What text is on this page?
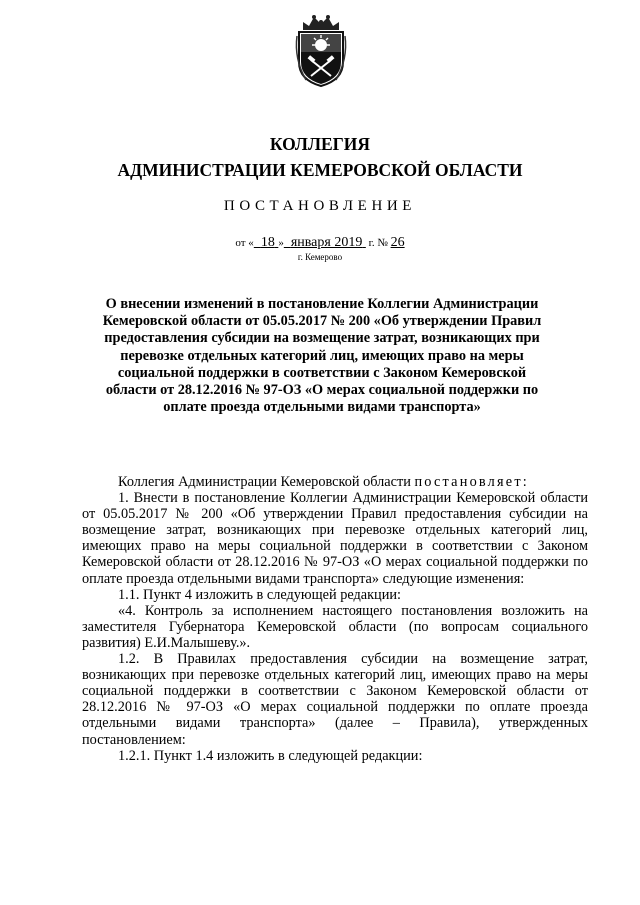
КОЛЛЕГИЯ
АДМИНИСТРАЦИИ КЕМЕРОВСКОЙ ОБЛАСТИ
ПОСТАНОВЛЕНИЕ
от « 18 » января 2019 г. № 26
г. Кемерово
О внесении изменений в постановление Коллегии Администрации Кемеровской области от 05.05.2017 № 200 «Об утверждении Правил предоставления субсидии на возмещение затрат, возникающих при перевозке отдельных категорий лиц, имеющих право на меры социальной поддержки в соответствии с Законом Кемеровской области от 28.12.2016 № 97-ОЗ «О мерах социальной поддержки по оплате проезда отдельными видами транспорта»

Коллегия Администрации Кемеровской области постановляет:

1. Внести в постановление Коллегии Администрации Кемеровской области от 05.05.2017 № 200 «Об утверждении Правил предоставления субсидии на возмещение затрат, возникающих при перевозке отдельных категорий лиц, имеющих право на меры социальной поддержки в соответствии с Законом Кемеровской области от 28.12.2016 № 97-ОЗ «О мерах социальной поддержки по оплате проезда отдельными видами транспорта» следующие изменения:

1.1. Пункт 4 изложить в следующей редакции:

«4. Контроль за исполнением настоящего постановления возложить на заместителя Губернатора Кемеровской области (по вопросам социального развития) Е.И.Малышеву.».

1.2. В Правилах предоставления субсидии на возмещение затрат, возникающих при перевозке отдельных категорий лиц, имеющих право на меры социальной поддержки в соответствии с Законом Кемеровской области от 28.12.2016 № 97-ОЗ «О мерах социальной поддержки по оплате проезда отдельными видами транспорта» (далее – Правила), утвержденных постановлением:

1.2.1. Пункт 1.4 изложить в следующей редакции:
